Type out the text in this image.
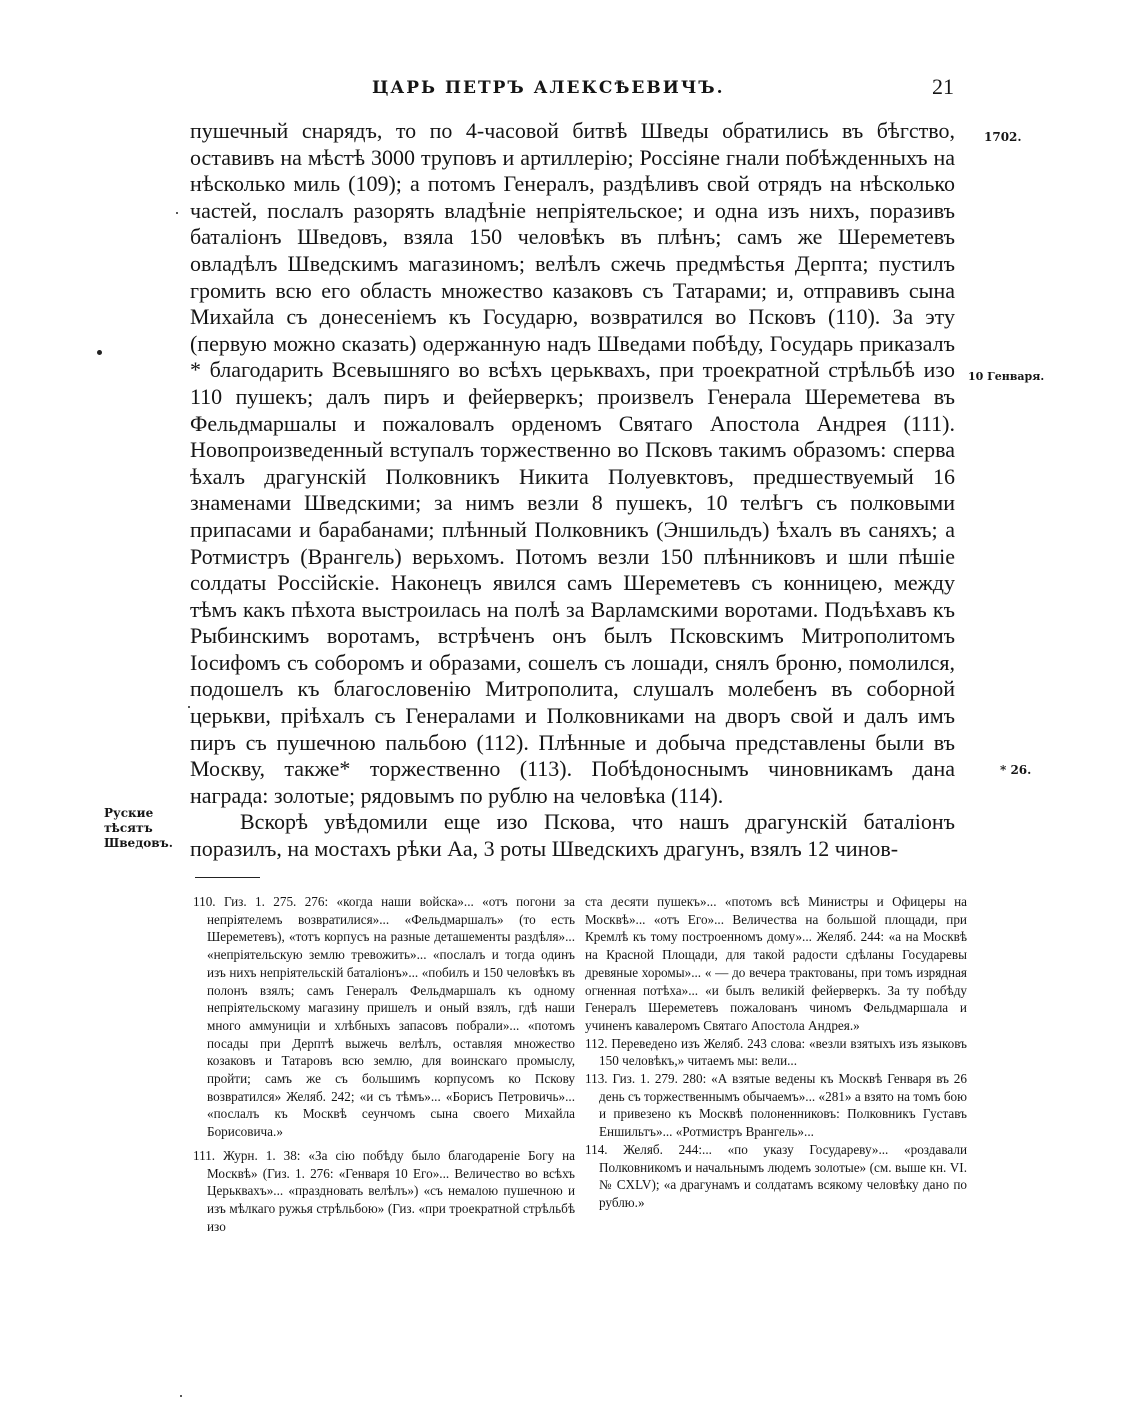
ЦАРЬ ПЕТРЪ АЛЕКСѢЕВИЧЪ.	21
1702.
10 Генваря.
* 26.
Руские тѣсятъ Шведовъ.

пушечный снарядъ, то по 4-часовой битвѣ Шведы обратились въ бѣгство, оставивъ на мѣстѣ 3000 труповъ и артиллерію; Россіяне гнали побѣжденныхъ на нѣсколько миль (109); а потомъ Генералъ, раздѣливъ свой отрядъ на нѣсколько частей, послалъ разорять владѣніе непріятельское; и одна изъ нихъ, поразивъ баталіонъ Шведовъ, взяла 150 человѣкъ въ плѣнъ; самъ же Шереметевъ овладѣлъ Шведскимъ магазиномъ; велѣлъ сжечь предмѣстья Дерпта; пустилъ громить всю его область множество казаковъ съ Татарами; и, отправивъ сына Михайла съ донесеніемъ къ Государю, возвратился во Псковъ (110). За эту (первую можно сказать) одержанную надъ Шведами побѣду, Государь приказалъ * благодарить Всевышняго во всѣхъ церьквахъ, при троекратной стрѣльбѣ изо 110 пушекъ; далъ пиръ и фейерверкъ; произвелъ Генерала Шереметева въ Фельдмаршалы и пожаловалъ орденомъ Святаго Апостола Андрея (111). Новопроизведенный вступалъ торжественно во Псковъ такимъ образомъ: сперва ѣхалъ драгунскій Полковникъ Никита Полуевктовъ, предшествуемый 16 знаменами Шведскими; за нимъ везли 8 пушекъ, 10 телѣгъ съ полковыми припасами и барабанами; плѣнный Полковникъ (Эншильдъ) ѣхалъ въ саняхъ; а Ротмистръ (Врангель) верьхомъ. Потомъ везли 150 плѣнниковъ и шли пѣшіе солдаты Россійскіе. Наконецъ явился самъ Шереметевъ съ конницею, между тѣмъ какъ пѣхота выстроилась на полѣ за Варламскими воротами. Подъѣхавъ къ Рыбинскимъ воротамъ, встрѣченъ онъ былъ Псковскимъ Митрополитомъ Іосифомъ съ соборомъ и образами, сошелъ съ лошади, снялъ броню, помолился, подошелъ къ благословенію Митрополита, слушалъ молебенъ въ соборной церькви, пріѣхалъ съ Генералами и Полковниками на дворъ свой и далъ имъ пиръ съ пушечною пальбою (112). Плѣнные и добыча представлены были въ Москву, также* торжественно (113). Побѣдоноснымъ чиновникамъ дана награда: золотые; рядовымъ по рублю на человѣка (114).

Вскорѣ увѣдомили еще изо Пскова, что нашъ драгунскій баталіонъ поразилъ, на мостахъ рѣки Аа, 3 роты Шведскихъ драгунъ, взялъ 12 чинов-

110. Гиз. 1. 275. 276: «когда наши войска»... «отъ погони за непріятелемъ возвратилися»... «Фельдмаршалъ» (то есть Шереметевъ), «тотъ корпусъ на разные деташементы раздѣля»... «непріятельскую землю тревожить»... «послалъ и тогда одинъ изъ нихъ непріятельскій баталіонъ»... «побилъ и 150 человѣкъ въ полонъ взялъ; самъ Генералъ Фельдмаршалъ къ одному непріятельскому магазину пришелъ и оный взялъ, гдѣ наши много аммуниціи и хлѣбныхъ запасовъ побрали»... «потомъ посады при Дерптѣ выжечь велѣлъ, оставляя множество козаковъ и Татаровъ всю землю, для воинскаго промыслу, пройти; самъ же съ большимъ корпусомъ ко Пскову возвратился» Желяб. 242; «и съ тѣмъ»... «Борисъ Петровичь»... «послалъ къ Москвѣ сеунчомъ сына своего Михайла Борисовича.»

111. Журн. 1. 38: «За сію побѣду было благодареніе Богу на Москвѣ» (Гиз. 1. 276: «Генваря 10 Его»... Величество во всѣхъ Церькваxъ»... «праздновать велѣлъ») «съ немалою пушечною и изъ мѣлкаго ружья стрѣльбою» (Гиз. «при троекратной стрѣльбѣ изо

ста десяти пушекъ»... «потомъ всѣ Министры и Офицеры на Москвѣ»... «отъ Его»... Величества на большой площади, при Кремлѣ къ тому построенномъ дому»... Желяб. 244: «а на Москвѣ на Красной Площади, для такой радости сдѣланы Государевы древяные хоромы»... « — до вечера трактованы, при томъ изрядная огненная потѣха»... «и былъ великій фейерверкъ. За ту побѣду Генералъ Шереметевъ пожалованъ чиномъ Фельдмаршала и учиненъ кавалеромъ Святаго Апостола Андрея.»

112. Переведено изъ Желяб. 243 слова: «везли взятыхъ изъ языковъ 150 человѣкъ,» читаемъ мы: вели...

113. Гиз. 1. 279. 280: «А взятые ведены къ Москвѣ Генваря въ 26 день съ торжественнымъ обычаемъ»... «281» а взято на томъ бою и привезено къ Москвѣ полоненниковъ: Полковникъ Густавъ Еншильтъ»... «Ротмистръ Врангель»...

114. Желяб. 244:... «по указу Государеву»... «роздавали Полковникомъ и начальнымъ людемъ золотые» (см. выше кн. VI. № CXLV); «а драгунамъ и солдатамъ всякому человѣку дано по рублю.»
